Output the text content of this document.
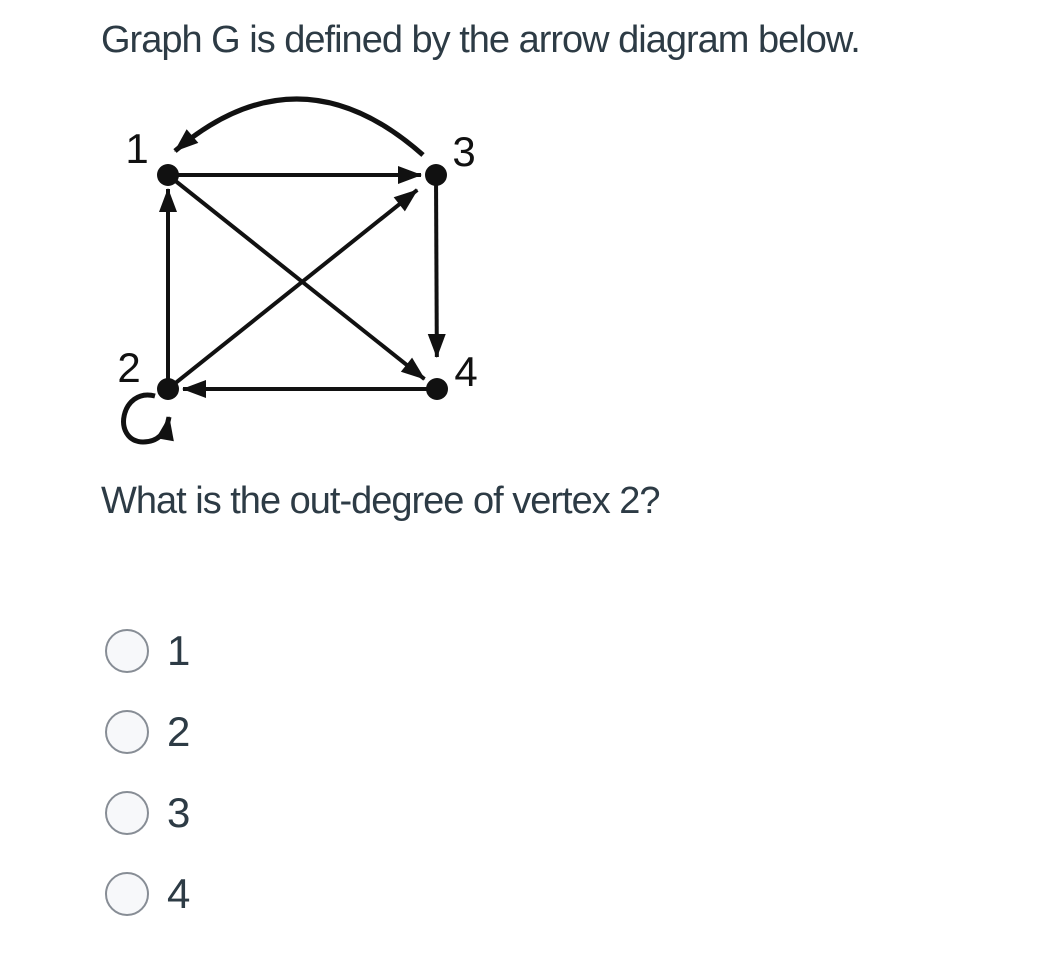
Graph G is defined by the arrow diagram below.
1	3
2	4
What is the out-degree of vertex 2?
1
2
3
4
